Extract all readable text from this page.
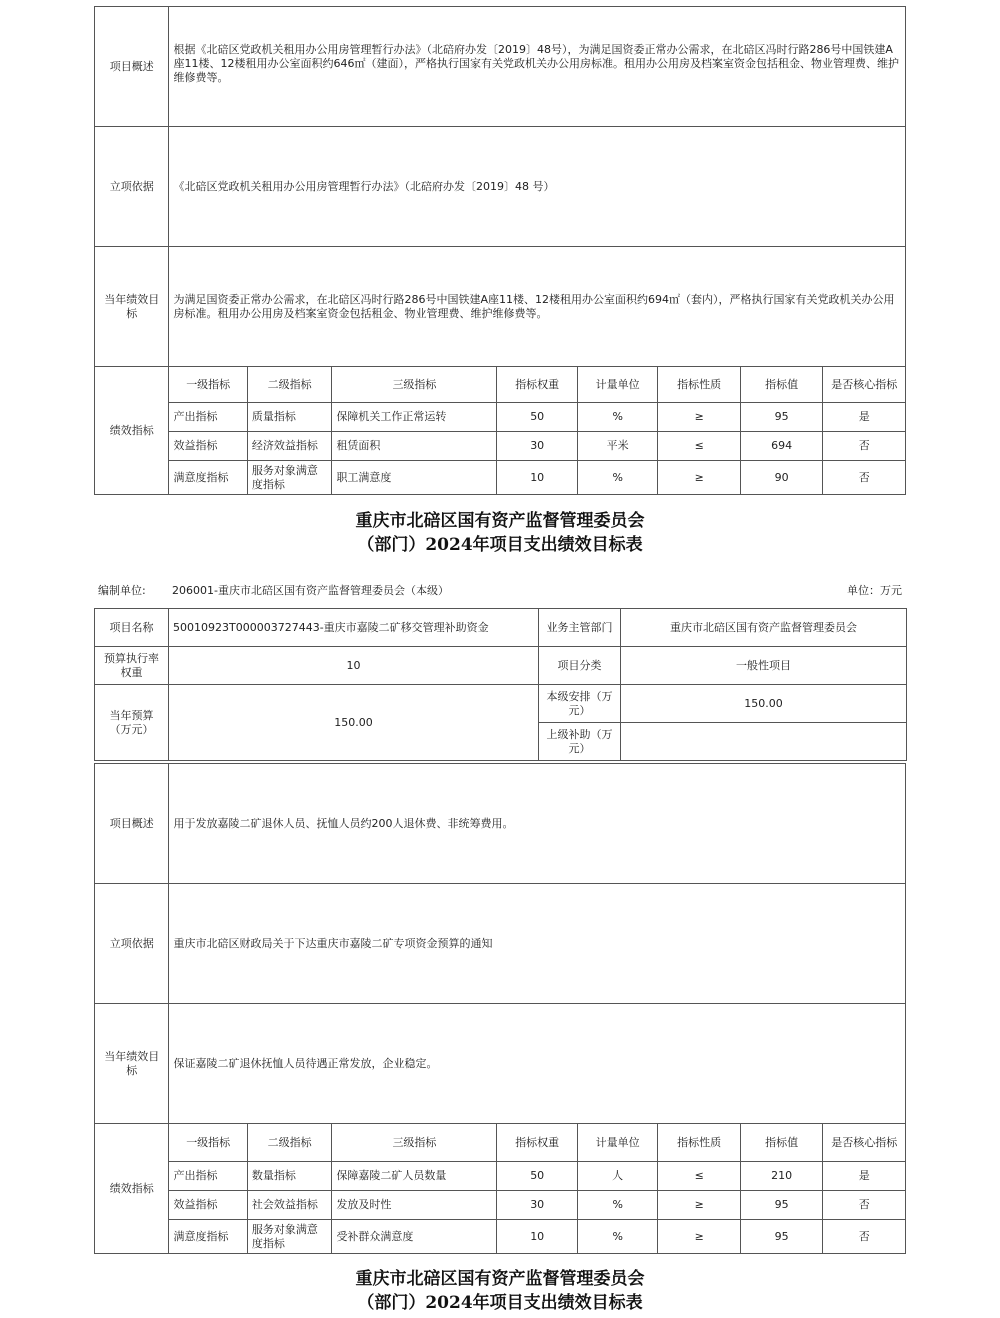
项目概述	根据《北碚区党政机关租用办公用房管理暂行办法》（北碚府办发〔2019〕48号），为满足国资委正常办公需求，在北碚区冯时行路286号中国铁建A座11楼、12楼租用办公室面积约646㎡（建面），严格执行国家有关党政机关办公用房标准。租用办公用房及档案室资金包括租金、物业管理费、维护维修费等。							
立项依据	《北碚区党政机关租用办公用房管理暂行办法》（北碚府办发〔2019〕48 号）							
当年绩效目标	为满足国资委正常办公需求，在北碚区冯时行路286号中国铁建A座11楼、12楼租用办公室面积约694㎡（套内），严格执行国家有关党政机关办公用房标准。租用办公用房及档案室资金包括租金、物业管理费、维护维修费等。							
绩效指标	一级指标	二级指标	三级指标	指标权重	计量单位	指标性质	指标值	是否核心指标
	产出指标	质量指标	保障机关工作正常运转	50	%	≥	95	是
	效益指标	经济效益指标	租赁面积	30	平米	≤	694	否
	满意度指标	服务对象满意度指标	职工满意度	10	%	≥	90	否
重庆市北碚区国有资产监督管理委员会
（部门）2024年项目支出绩效目标表
编制单位: 206001-重庆市北碚区国有资产监督管理委员会（本级）	单位：万元
项目名称	50010923T000003727443-重庆市嘉陵二矿移交管理补助资金	业务主管部门	重庆市北碚区国有资产监督管理委员会
预算执行率权重	10	项目分类	一般性项目
当年预算（万元）	150.00	本级安排（万元）	150.00
		上级补助（万元）	
项目概述	用于发放嘉陵二矿退休人员、抚恤人员约200人退休费、非统筹费用。							
立项依据	重庆市北碚区财政局关于下达重庆市嘉陵二矿专项资金预算的通知							
当年绩效目标	保证嘉陵二矿退休抚恤人员待遇正常发放，企业稳定。							
绩效指标	一级指标	二级指标	三级指标	指标权重	计量单位	指标性质	指标值	是否核心指标
	产出指标	数量指标	保障嘉陵二矿人员数量	50	人	≤	210	是
	效益指标	社会效益指标	发放及时性	30	%	≥	95	否
	满意度指标	服务对象满意度指标	受补群众满意度	10	%	≥	95	否
重庆市北碚区国有资产监督管理委员会
（部门）2024年项目支出绩效目标表
